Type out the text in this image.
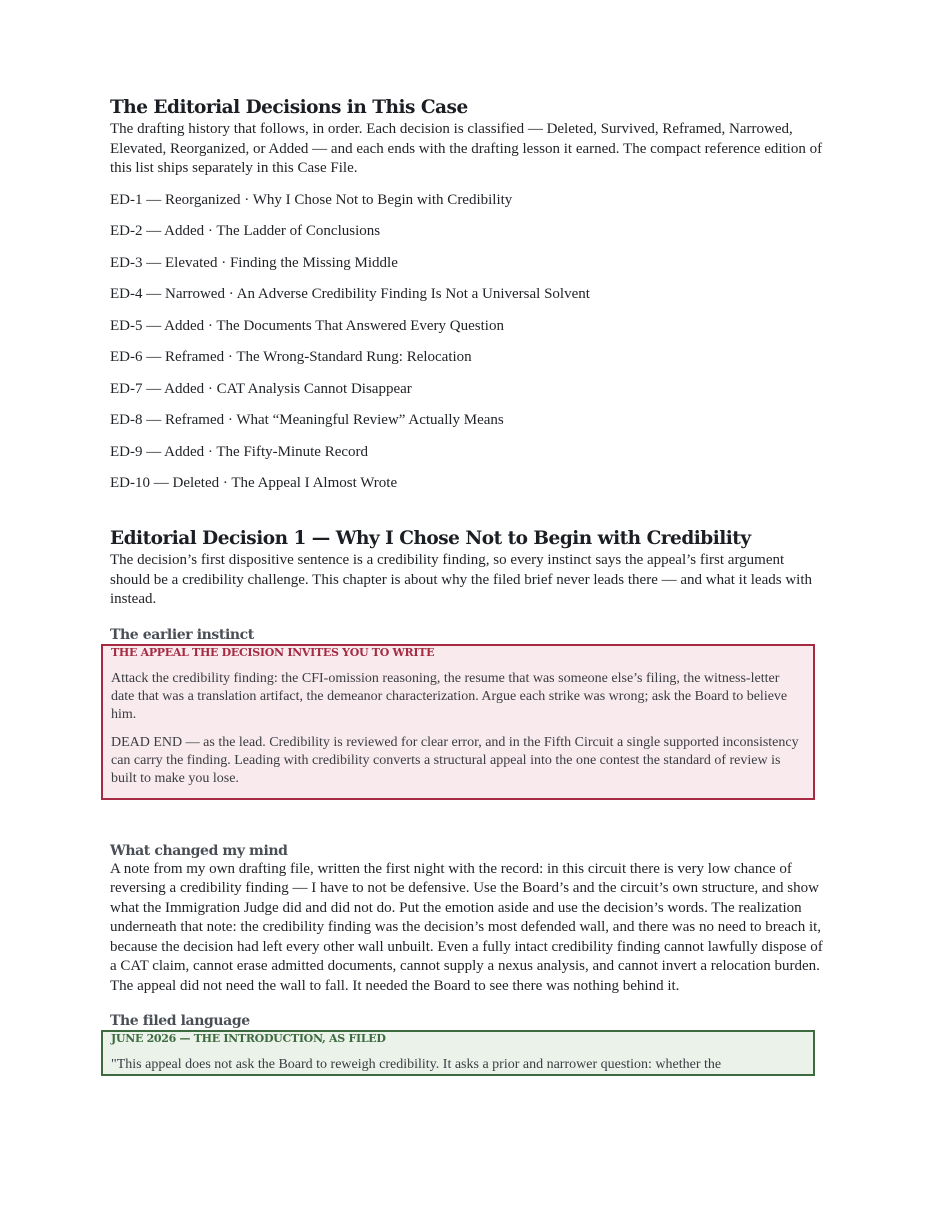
The Editorial Decisions in This Case

The drafting history that follows, in order. Each decision is classified — Deleted, Survived, Reframed, Narrowed, Elevated, Reorganized, or Added — and each ends with the drafting lesson it earned. The compact reference edition of this list ships separately in this Case File.

ED-1 — Reorganized · Why I Chose Not to Begin with Credibility
ED-2 — Added · The Ladder of Conclusions
ED-3 — Elevated · Finding the Missing Middle
ED-4 — Narrowed · An Adverse Credibility Finding Is Not a Universal Solvent
ED-5 — Added · The Documents That Answered Every Question
ED-6 — Reframed · The Wrong-Standard Rung: Relocation
ED-7 — Added · CAT Analysis Cannot Disappear
ED-8 — Reframed · What “Meaningful Review” Actually Means
ED-9 — Added · The Fifty-Minute Record
ED-10 — Deleted · The Appeal I Almost Wrote
Editorial Decision 1 — Why I Chose Not to Begin with Credibility

The decision’s first dispositive sentence is a credibility finding, so every instinct says the appeal’s first argument should be a credibility challenge. This chapter is about why the filed brief never leads there — and what it leads with instead.

The earlier instinct
THE APPEAL THE DECISION INVITES YOU TO WRITE

Attack the credibility finding: the CFI-omission reasoning, the resume that was someone else’s filing, the witness-letter date that was a translation artifact, the demeanor characterization. Argue each strike was wrong; ask the Board to believe him.

DEAD END — as the lead. Credibility is reviewed for clear error, and in the Fifth Circuit a single supported inconsistency can carry the finding. Leading with credibility converts a structural appeal into the one contest the standard of review is built to make you lose.

What changed my mind

A note from my own drafting file, written the first night with the record: in this circuit there is very low chance of reversing a credibility finding — I have to not be defensive. Use the Board’s and the circuit’s own structure, and show what the Immigration Judge did and did not do. Put the emotion aside and use the decision’s words. The realization underneath that note: the credibility finding was the decision’s most defended wall, and there was no need to breach it, because the decision had left every other wall unbuilt. Even a fully intact credibility finding cannot lawfully dispose of a CAT claim, cannot erase admitted documents, cannot supply a nexus analysis, and cannot invert a relocation burden. The appeal did not need the wall to fall. It needed the Board to see there was nothing behind it.

The filed language
JUNE 2026 — THE INTRODUCTION, AS FILED

"This appeal does not ask the Board to reweigh credibility. It asks a prior and narrower question: whether the
